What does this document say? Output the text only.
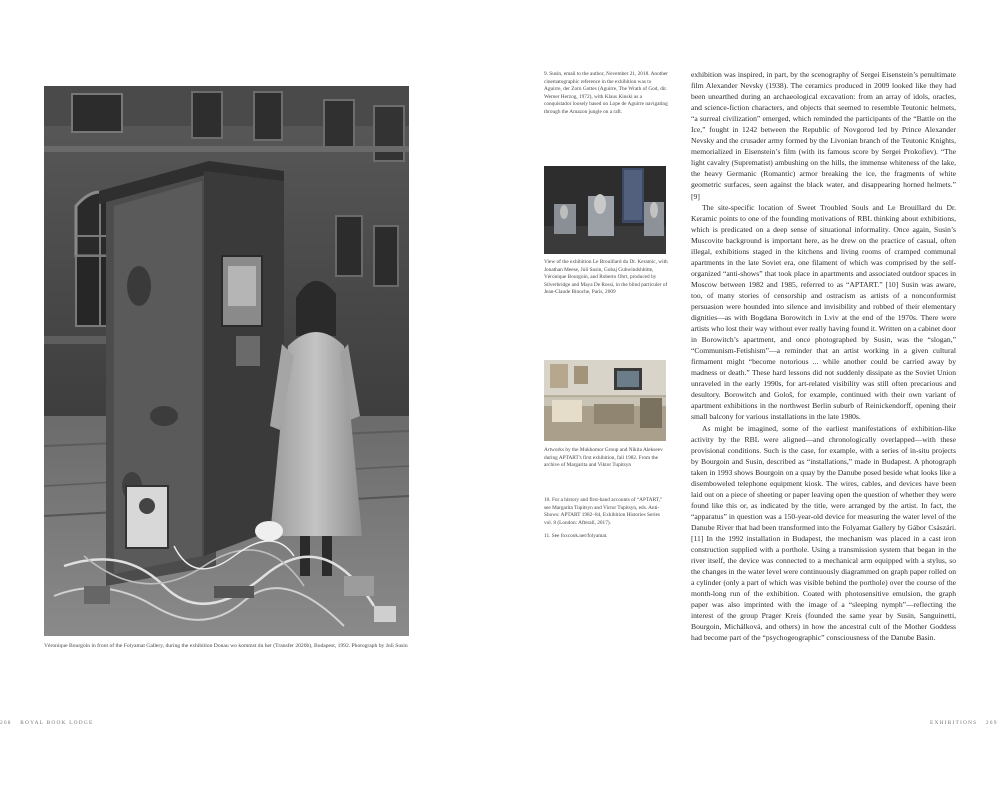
Véronique Bourgoin in front of the Folyamat Gallery, during the exhibition Donau wo kommst du her (Transfer 2020b), Budapest, 1992. Photograph by Juli Susin
9. Susin, email to the author, November 21, 2018. Another cinematographic reference in the exhibition was to Aguirre, der Zorn Gottes (Aguirre, The Wrath of God, dir. Werner Herzog, 1972), with Klaus Kinski as a conquistador loosely based on Lope de Aguirre navigating through the Amazon jungle on a raft.
View of the exhibition Le Brouillard du Dr. Keramic, with Jonathan Meese, Juli Susin, Gubaj Gubwindshbitte, Véronique Bourgoin, and Roberto Ohrt, produced by Silverbridge and Maya De Rossi, in the blind particuler of Jean-Claude Binoche, Paris, 2009
Artworks by the Mukhomor Group and Nikita Alekseev during APTART's first exhibition, fall 1982. From the archive of Margarita and Viktor Tupitsyn

10. For a history and first-hand accounts of “APTART,” see Margarita Tupitsyn and Victor Tupitsyn, eds. Anti-Shows: APTART 1982–84, Exhibition Histories Series vol. 8 (London: Afterall, 2017).

11. See foxcook.net/folyamat.

exhibition was inspired, in part, by the scenography of Sergei Eisenstein’s penultimate film Alexander Nevsky (1938). The ceramics produced in 2009 looked like they had been unearthed during an archaeological excavation: from an array of idols, oracles, and science-fiction characters, and objects that seemed to resemble Teutonic helmets, “a surreal civilization” emerged, which reminded the participants of the “Battle on the Ice,” fought in 1242 between the Republic of Novgorod led by Prince Alexander Nevsky and the crusader army formed by the Livonian branch of the Teutonic Knights, memorialized in Eisenstein’s film (with its famous score by Sergei Prokofiev). “The light cavalry (Suprematist) ambushing on the hills, the immense whiteness of the lake, the heavy Germanic (Romantic) armor breaking the ice, the fragments of white geometric surfaces, seen against the black water, and disappearing horned helmets.” [9]

The site-specific location of Sweet Troubled Souls and Le Brouillard du Dr. Keramic points to one of the founding motivations of RBL thinking about exhibitions, which is predicated on a deep sense of situational informality. Once again, Susin’s Muscovite background is important here, as he drew on the practice of casual, often illegal, exhibitions staged in the kitchens and living rooms of cramped communal apartments in the late Soviet era, one filament of which was comprised by the self-organized “anti-shows” that took place in apartments and associated outdoor spaces in Moscow between 1982 and 1985, referred to as “APTART.” [10] Susin was aware, too, of many stories of censorship and ostracism as artists of a nonconformist persuasion were hounded into silence and invisibility and robbed of their elementary dignities—as with Bogdana Borowitch in Lviv at the end of the 1970s. There were artists who lost their way without ever really having found it. Written on a cabinet door in Borowitch’s apartment, and once photographed by Susin, was the “slogan,” “Communism-Fetishism”—a reminder that an artist working in a given cultural firmament might “become notorious ... while another could be carried away by madness or death.” These hard lessons did not suddenly dissipate as the Soviet Union unraveled in the early 1990s, for art-related visibility was still often precarious and desultory. Borowitch and Gološ, for example, continued with their own variant of apartment exhibitions in the northwest Berlin suburb of Reinickendorff, opening their small balcony for various installations in the late 1980s.

As might be imagined, some of the earliest manifestations of exhibition-like activity by the RBL were aligned—and chronologically overlapped—with these provisional conditions. Such is the case, for example, with a series of in-situ projects by Bourgoin and Susin, described as “installations,” made in Budapest. A photograph taken in 1993 shows Bourgoin on a quay by the Danube posed beside what looks like a disemboweled telephone equipment kiosk. The wires, cables, and devices have been laid out on a piece of sheeting or paper leaving open the question of whether they were found like this or, as indicated by the title, were arranged by the artist. In fact, the “apparatus” in question was a 150-year-old device for measuring the water level of the Danube River that had been transformed into the Folyamat Gallery by Gábor Császári. [11] In the 1992 installation in Budapest, the mechanism was placed in a cast iron construction supplied with a porthole. Using a transmission system that began in the river itself, the device was connected to a mechanical arm equipped with a stylus, so the changes in the water level were continuously diagrammed on graph paper rolled on a cylinder (only a part of which was visible behind the porthole) over the course of the month-long run of the exhibition. Coated with photosensitive emulsion, the graph paper was also imprinted with the image of a “sleeping nymph”—reflecting the interest of the group Prager Kreis (founded the same year by Susin, Sanguinetti, Bourgoin, Michálková, and others) in how the ancestral cult of the Mother Goddess had become part of the “psychogeographic” consciousness of the Danube Basin.

268 ROYAL BOOK LODGE	EXHIBITIONS 269
